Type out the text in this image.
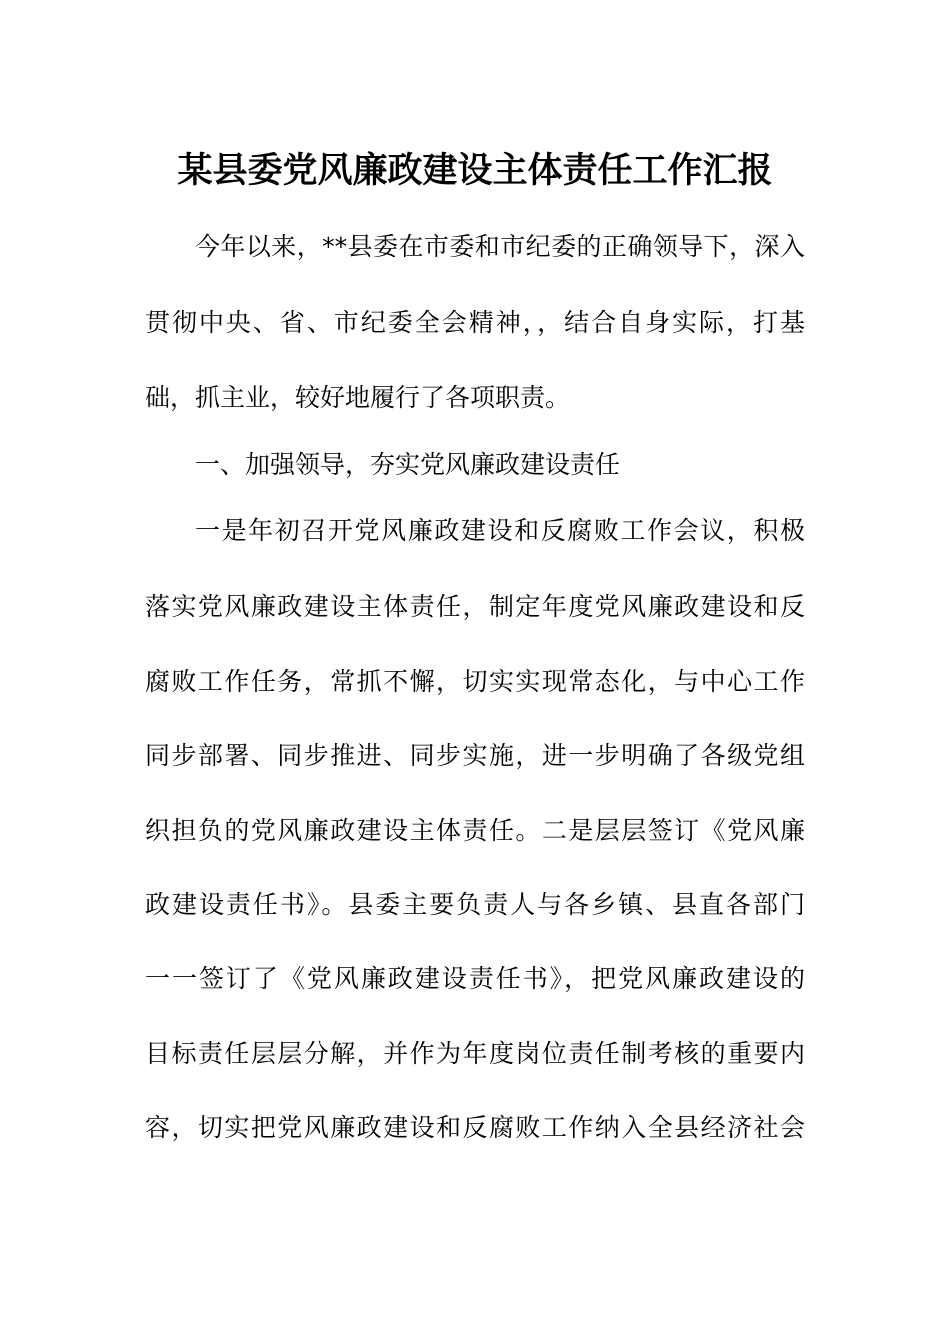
某县委党风廉政建设主体责任工作汇报

今年以来，**县委在市委和市纪委的正确领导下，深入

贯彻中央、省、市纪委全会精神，，结合自身实际，打基

础，抓主业，较好地履行了各项职责。

一、加强领导，夯实党风廉政建设责任

一是年初召开党风廉政建设和反腐败工作会议，积极

落实党风廉政建设主体责任，制定年度党风廉政建设和反

腐败工作任务，常抓不懈，切实实现常态化，与中心工作

同步部署、同步推进、同步实施，进一步明确了各级党组

织担负的党风廉政建设主体责任。二是层层签订《党风廉

政建设责任书》。县委主要负责人与各乡镇、县直各部门

一一签订了《党风廉政建设责任书》，把党风廉政建设的

目标责任层层分解，并作为年度岗位责任制考核的重要内

容，切实把党风廉政建设和反腐败工作纳入全县经济社会
